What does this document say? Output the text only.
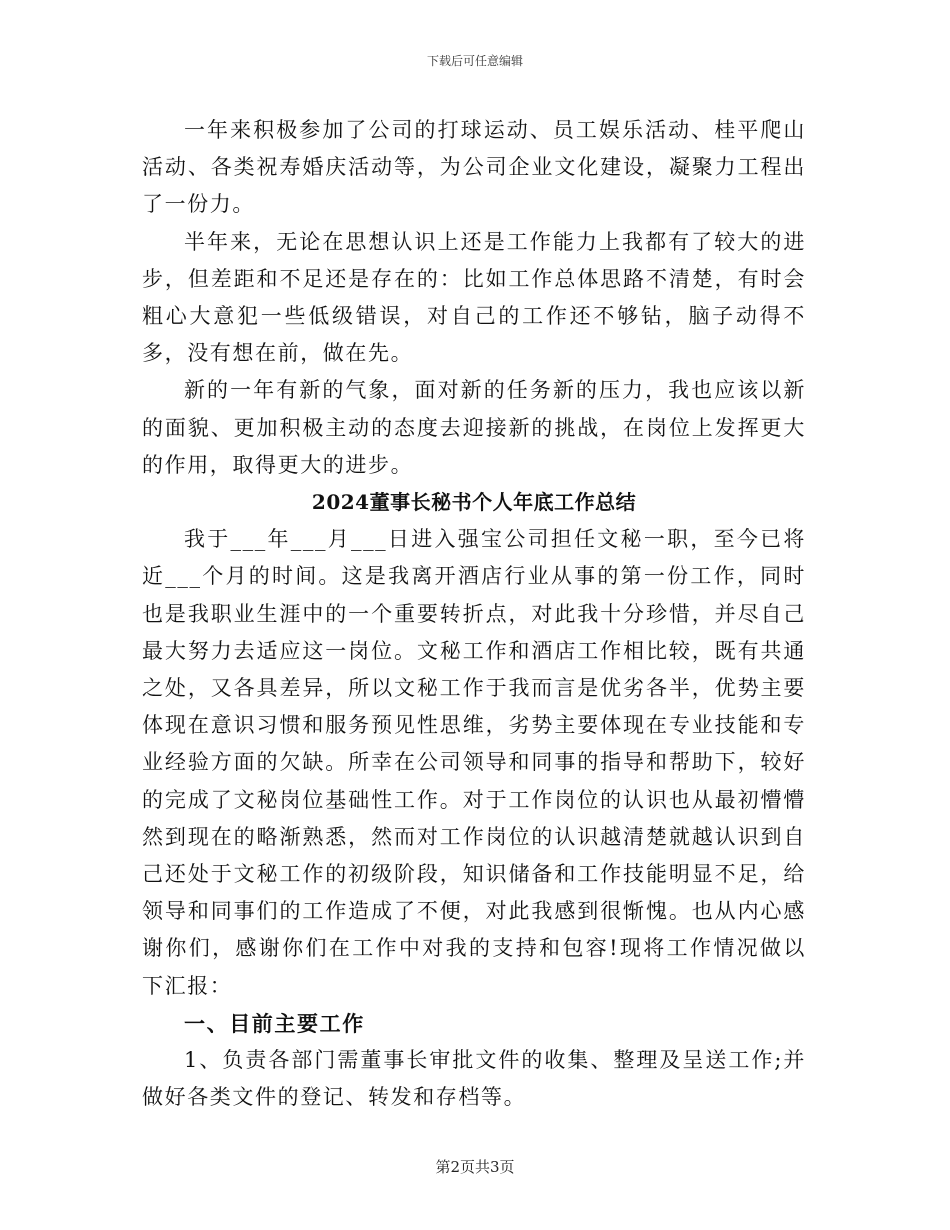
下载后可任意编辑

一年来积极参加了公司的打球运动、员工娱乐活动、桂平爬山活动、各类祝寿婚庆活动等，为公司企业文化建设，凝聚力工程出了一份力。

半年来，无论在思想认识上还是工作能力上我都有了较大的进步，但差距和不足还是存在的：比如工作总体思路不清楚，有时会粗心大意犯一些低级错误，对自己的工作还不够钻，脑子动得不多，没有想在前，做在先。

新的一年有新的气象，面对新的任务新的压力，我也应该以新的面貌、更加积极主动的态度去迎接新的挑战，在岗位上发挥更大的作用，取得更大的进步。

2024董事长秘书个人年底工作总结

我于___年___月___日进入强宝公司担任文秘一职，至今已将近___个月的时间。这是我离开酒店行业从事的第一份工作，同时也是我职业生涯中的一个重要转折点，对此我十分珍惜，并尽自己最大努力去适应这一岗位。文秘工作和酒店工作相比较，既有共通之处，又各具差异，所以文秘工作于我而言是优劣各半，优势主要体现在意识习惯和服务预见性思维，劣势主要体现在专业技能和专业经验方面的欠缺。所幸在公司领导和同事的指导和帮助下，较好的完成了文秘岗位基础性工作。对于工作岗位的认识也从最初懵懵然到现在的略渐熟悉，然而对工作岗位的认识越清楚就越认识到自己还处于文秘工作的初级阶段，知识储备和工作技能明显不足，给领导和同事们的工作造成了不便，对此我感到很惭愧。也从内心感谢你们，感谢你们在工作中对我的支持和包容!现将工作情况做以下汇报：

一、目前主要工作

1、负责各部门需董事长审批文件的收集、整理及呈送工作;并做好各类文件的登记、转发和存档等。

第2页共3页
